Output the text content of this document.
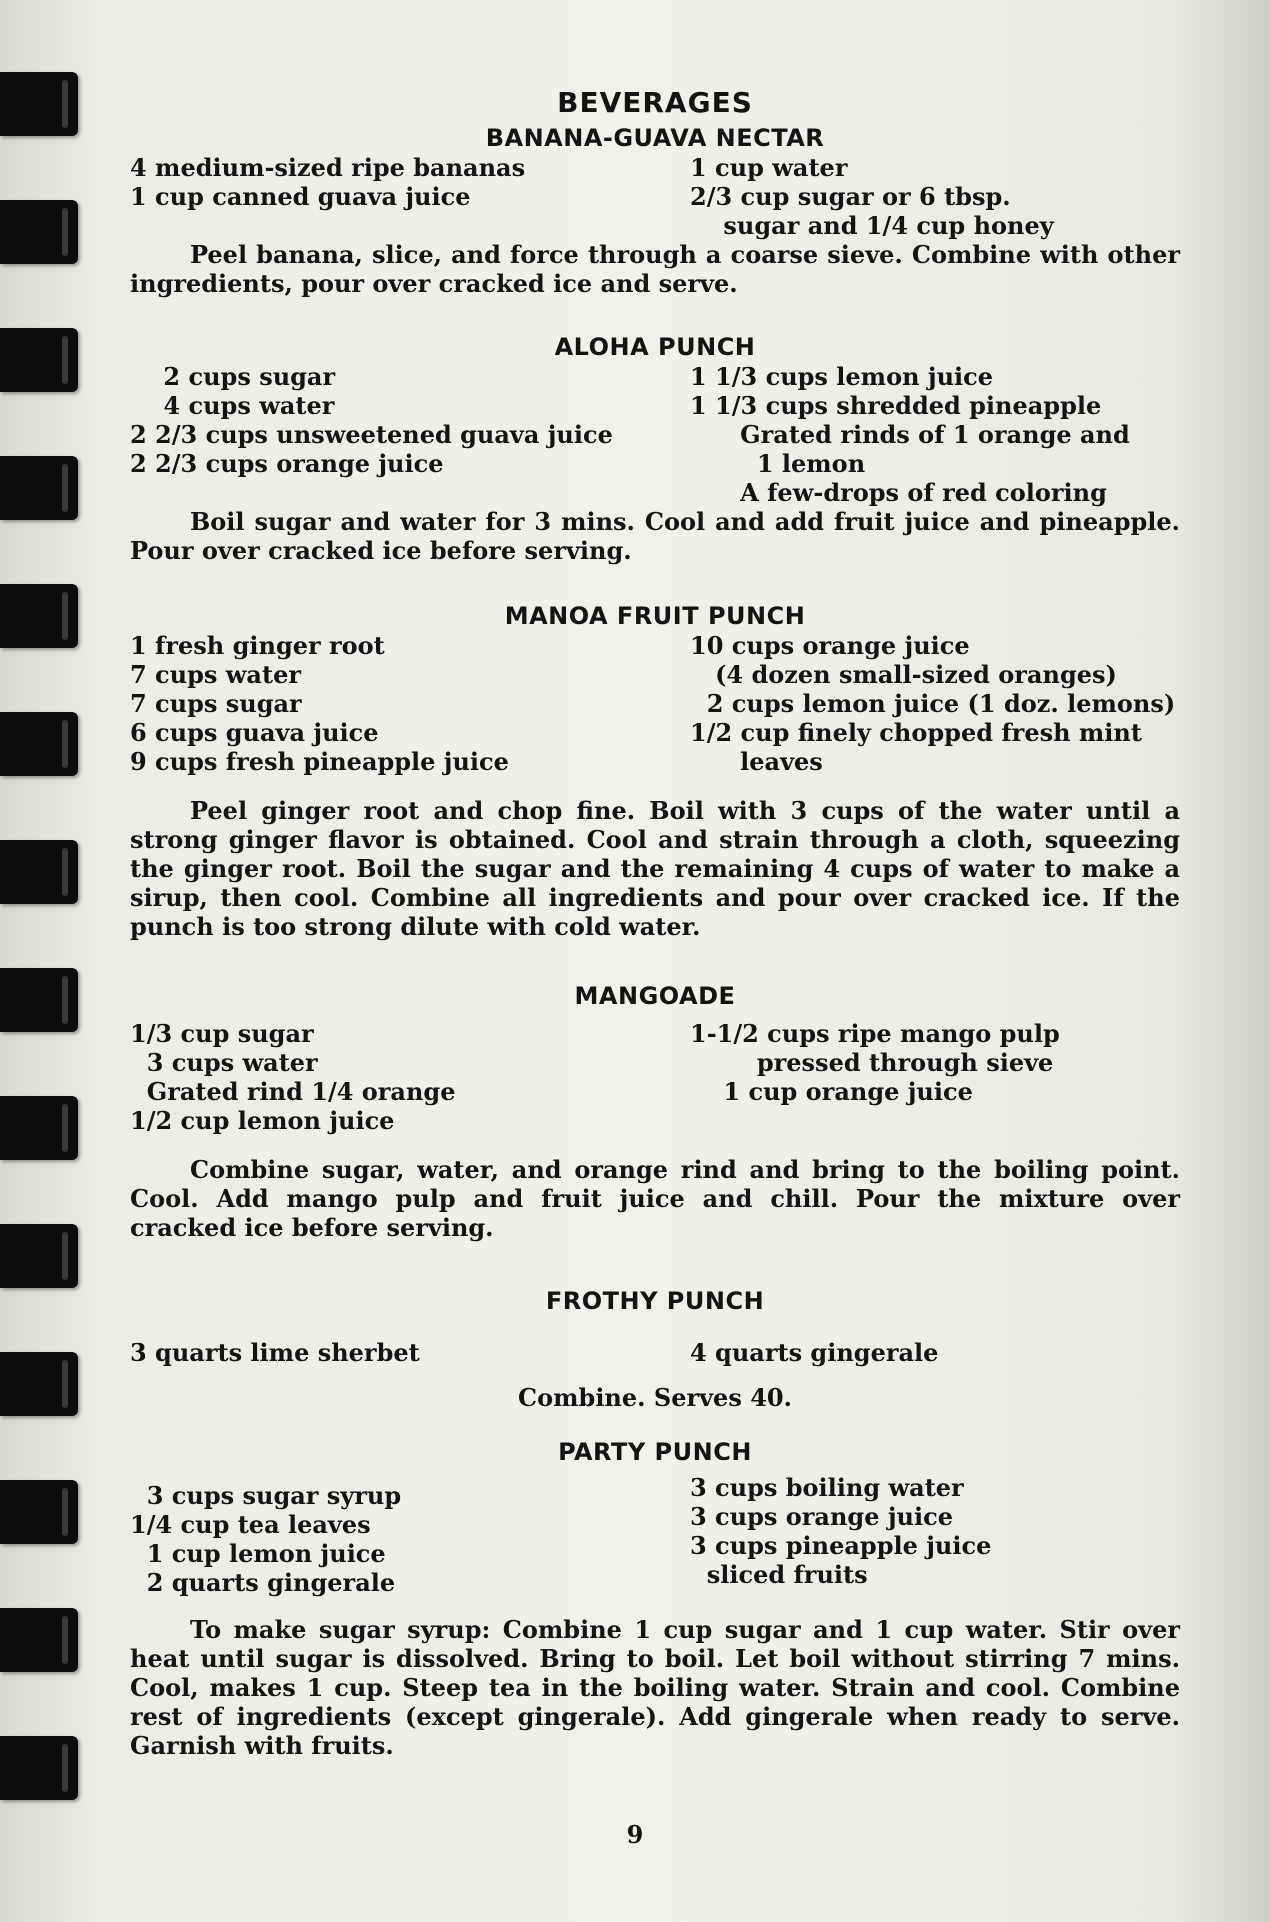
BEVERAGES
BANANA-GUAVA NECTAR
4 medium-sized ripe bananas
1 cup canned guava juice
1 cup water
2/3 cup sugar or 6 tbsp.
sugar and 1/4 cup honey

Peel banana, slice, and force through a coarse sieve. Combine with other ingredients, pour over cracked ice and serve.

ALOHA PUNCH
2 cups sugar
4 cups water
2 2/3 cups unsweetened guava juice
2 2/3 cups orange juice
1 1/3 cups lemon juice
1 1/3 cups shredded pineapple
Grated rinds of 1 orange and
1 lemon
A few-drops of red coloring

Boil sugar and water for 3 mins. Cool and add fruit juice and pineapple. Pour over cracked ice before serving.

MANOA FRUIT PUNCH
1 fresh ginger root
7 cups water
7 cups sugar
6 cups guava juice
9 cups fresh pineapple juice
10 cups orange juice
(4 dozen small-sized oranges)
2 cups lemon juice (1 doz. lemons)
1/2 cup finely chopped fresh mint
leaves

Peel ginger root and chop fine. Boil with 3 cups of the water until a strong ginger flavor is obtained. Cool and strain through a cloth, squeezing the ginger root. Boil the sugar and the remaining 4 cups of water to make a sirup, then cool. Combine all ingredients and pour over cracked ice. If the punch is too strong dilute with cold water.

MANGOADE
1/3 cup sugar
3 cups water
Grated rind 1/4 orange
1/2 cup lemon juice
1-1/2 cups ripe mango pulp
pressed through sieve
1 cup orange juice

Combine sugar, water, and orange rind and bring to the boiling point. Cool. Add mango pulp and fruit juice and chill. Pour the mixture over cracked ice before serving.

FROTHY PUNCH
3 quarts lime sherbet	4 quarts gingerale
Combine. Serves 40.
PARTY PUNCH
3 cups sugar syrup
1/4 cup tea leaves
1 cup lemon juice
2 quarts gingerale
3 cups boiling water
3 cups orange juice
3 cups pineapple juice
sliced fruits

To make sugar syrup: Combine 1 cup sugar and 1 cup water. Stir over heat until sugar is dissolved. Bring to boil. Let boil without stirring 7 mins. Cool, makes 1 cup. Steep tea in the boiling water. Strain and cool. Combine rest of ingredients (except gingerale). Add gingerale when ready to serve. Garnish with fruits.

9
